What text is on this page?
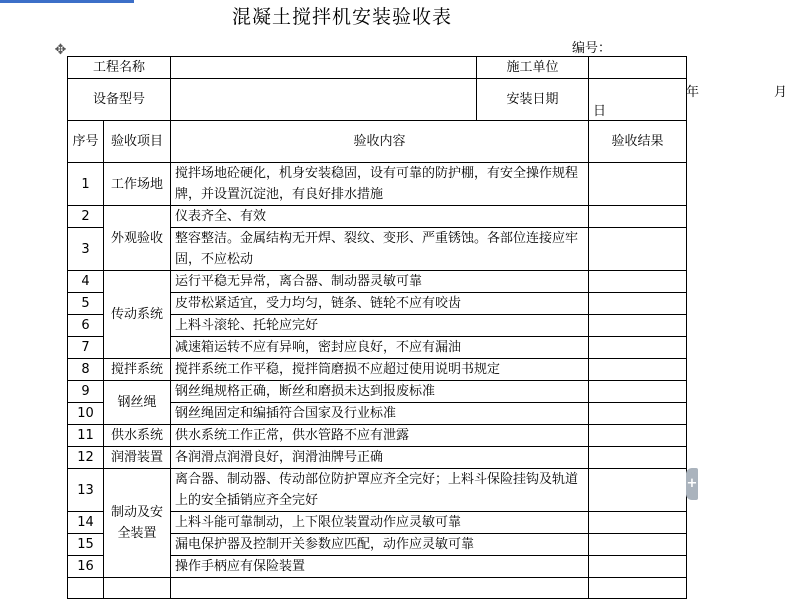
混凝土搅拌机安装验收表
✥	编号：
工程名称			施工单位	
设备型号			安装日期	年 月
日

序号	验收项目	验收内容		验收结果
1	工作场地	搅拌场地砼硬化，机身安装稳固，设有可靠的防护棚，有安全操作规程牌，并设置沉淀池，有良好排水措施		
2	外观验收	仪表齐全、有效		
3		整容整洁。金属结构无开焊、裂纹、变形、严重锈蚀。各部位连接应牢固，不应松动		
4	传动系统	运行平稳无异常，离合器、制动器灵敏可靠		
5		皮带松紧适宜，受力均匀，链条、链轮不应有咬齿		
6		上料斗滚轮、托轮应完好		
7		减速箱运转不应有异响，密封应良好，不应有漏油		
8	搅拌系统	搅拌系统工作平稳，搅拌筒磨损不应超过使用说明书规定		
9	钢丝绳	钢丝绳规格正确，断丝和磨损未达到报废标准		
10		钢丝绳固定和编插符合国家及行业标准		
11	供水系统	供水系统工作正常，供水管路不应有泄露		
12	润滑装置	各润滑点润滑良好，润滑油牌号正确		
13	制动及安全装置	离合器、制动器、传动部位防护罩应齐全完好；上料斗保险挂钩及轨道上的安全插销应齐全完好		
14		上料斗能可靠制动，上下限位装置动作应灵敏可靠		
15		漏电保护器及控制开关参数应匹配，动作应灵敏可靠		
16		操作手柄应有保险装置		

+
